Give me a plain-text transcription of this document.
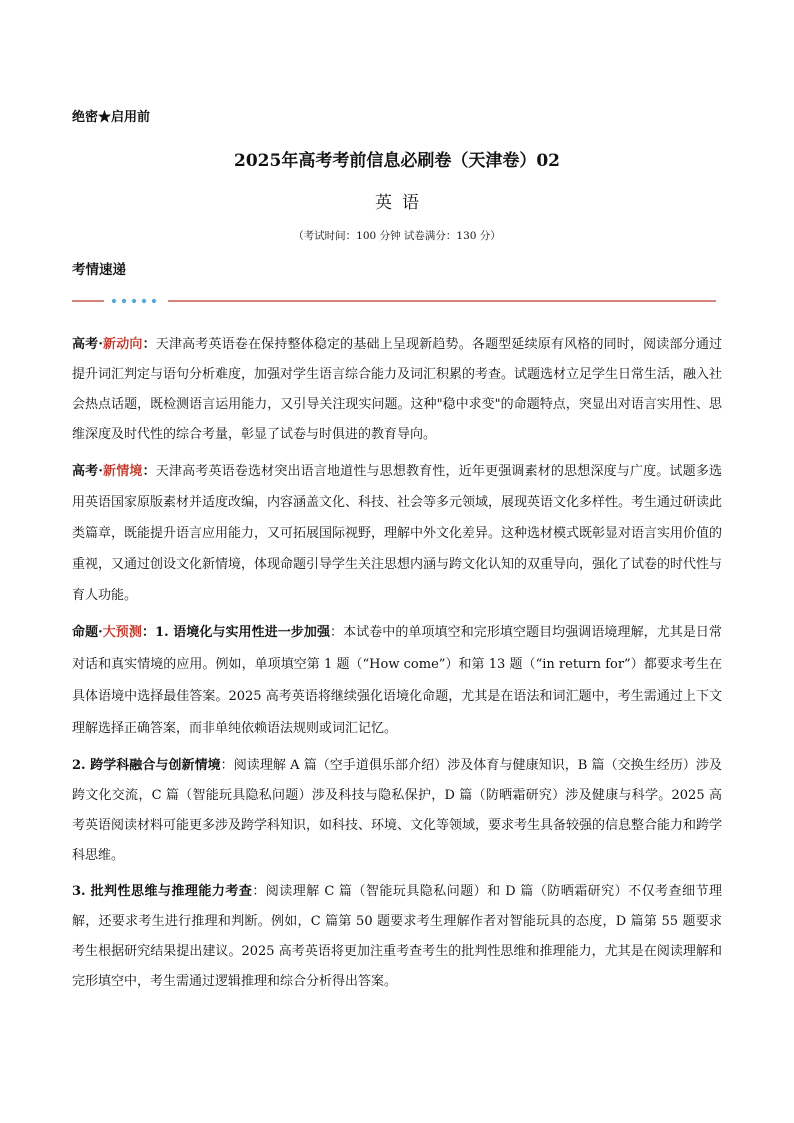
绝密★启用前
2025年高考考前信息必刷卷（天津卷）02
英语
（考试时间：100 分钟 试卷满分：130 分）
考情速递

高考·新动向：天津高考英语卷在保持整体稳定的基础上呈现新趋势。各题型延续原有风格的同时，阅读部分通过提升词汇判定与语句分析难度，加强对学生语言综合能力及词汇积累的考查。试题选材立足学生日常生活，融入社会热点话题，既检测语言运用能力，又引导关注现实问题。这种"稳中求变"的命题特点，突显出对语言实用性、思维深度及时代性的综合考量，彰显了试卷与时俱进的教育导向。

高考·新情境：天津高考英语卷选材突出语言地道性与思想教育性，近年更强调素材的思想深度与广度。试题多选用英语国家原版素材并适度改编，内容涵盖文化、科技、社会等多元领域，展现英语文化多样性。考生通过研读此类篇章，既能提升语言应用能力，又可拓展国际视野，理解中外文化差异。这种选材模式既彰显对语言实用价值的重视，又通过创设文化新情境，体现命题引导学生关注思想内涵与跨文化认知的双重导向，强化了试卷的时代性与育人功能。

命题·大预测：1. 语境化与实用性进一步加强：本试卷中的单项填空和完形填空题目均强调语境理解，尤其是日常对话和真实情境的应用。例如，单项填空第 1 题（“How come”）和第 13 题（“in return for”）都要求考生在具体语境中选择最佳答案。2025 高考英语将继续强化语境化命题，尤其是在语法和词汇题中，考生需通过上下文理解选择正确答案，而非单纯依赖语法规则或词汇记忆。

2. 跨学科融合与创新情境：阅读理解 A 篇（空手道俱乐部介绍）涉及体育与健康知识，B 篇（交换生经历）涉及跨文化交流，C 篇（智能玩具隐私问题）涉及科技与隐私保护，D 篇（防晒霜研究）涉及健康与科学。2025 高考英语阅读材料可能更多涉及跨学科知识，如科技、环境、文化等领域，要求考生具备较强的信息整合能力和跨学科思维。

3. 批判性思维与推理能力考查：阅读理解 C 篇（智能玩具隐私问题）和 D 篇（防晒霜研究）不仅考查细节理解，还要求考生进行推理和判断。例如，C 篇第 50 题要求考生理解作者对智能玩具的态度，D 篇第 55 题要求考生根据研究结果提出建议。2025 高考英语将更加注重考查考生的批判性思维和推理能力，尤其是在阅读理解和完形填空中，考生需通过逻辑推理和综合分析得出答案。
